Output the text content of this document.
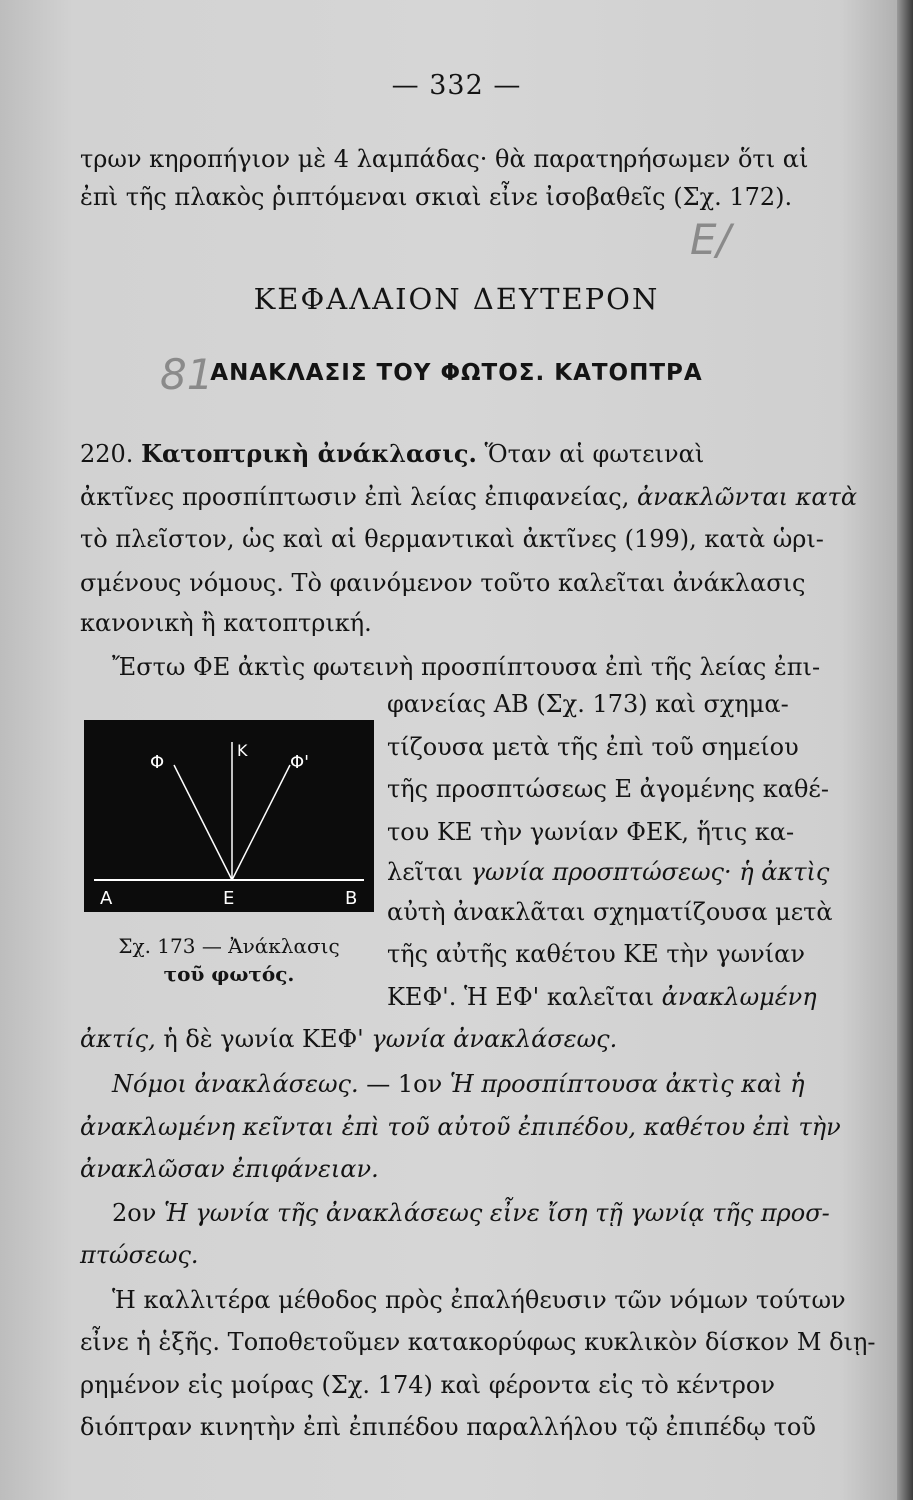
— 332 —
τρων κηροπήγιον μὲ 4 λαμπάδας· θὰ παρατηρήσωμεν ὅτι αἱ
ἐπὶ τῆς πλακὸς ῥιπτόμεναι σκιαὶ εἶνε ἰσοβαθεῖς (Σχ. 172).
Ε/
81
ΚΕΦΑΛΑΙΟΝ ΔΕΥΤΕΡΟΝ
ΑΝΑΚΛΑΣΙΣ ΤΟΥ ΦΩΤΟΣ. ΚΑΤΟΠΤΡΑ
220. Κατοπτρικὴ ἀνάκλασις. Ὅταν αἱ φωτειναὶ
ἀκτῖνες προσπίπτωσιν ἐπὶ λείας ἐπιφανείας, ἀνακλῶνται κατὰ
τὸ πλεῖστον, ὡς καὶ αἱ θερμαντικαὶ ἀκτῖνες (199), κατὰ ὡρι-
σμένους νόμους. Τὸ φαινόμενον τοῦτο καλεῖται ἀνάκλασις
κανονικὴ ἢ κατοπτρική.
Ἔστω ΦΕ ἀκτὶς φωτεινὴ προσπίπτουσα ἐπὶ τῆς λείας ἐπι-
φανείας ΑΒ (Σχ. 173) καὶ σχημα-
τίζουσα μετὰ τῆς ἐπὶ τοῦ σημείου
τῆς προσπτώσεως Ε ἀγομένης καθέ-
του ΚΕ τὴν γωνίαν ΦΕΚ, ἥτις κα-
λεῖται γωνία προσπτώσεως· ἡ ἀκτὶς
αὐτὴ ἀνακλᾶται σχηματίζουσα μετὰ
τῆς αὐτῆς καθέτου ΚΕ τὴν γωνίαν
ΚΕΦ'. Ἡ ΕΦ' καλεῖται ἀνακλωμένη
Φ
Κ
Φ'
Α	Ε	Β
Σχ. 173 — Ἀνάκλασις
τοῦ φωτός.
ἀκτίς, ἡ δὲ γωνία ΚΕΦ' γωνία ἀνακλάσεως.
Νόμοι ἀνακλάσεως. — 1ον Ἡ προσπίπτουσα ἀκτὶς καὶ ἡ
ἀνακλωμένη κεῖνται ἐπὶ τοῦ αὐτοῦ ἐπιπέδου, καθέτου ἐπὶ τὴν
ἀνακλῶσαν ἐπιφάνειαν.
2ον Ἡ γωνία τῆς ἀνακλάσεως εἶνε ἴση τῇ γωνίᾳ τῆς προσ-
πτώσεως.
Ἡ καλλιτέρα μέθοδος πρὸς ἐπαλήθευσιν τῶν νόμων τούτων
εἶνε ἡ ἑξῆς. Τοποθετοῦμεν κατακορύφως κυκλικὸν δίσκον Μ διῃ-
ρημένον εἰς μοίρας (Σχ. 174) καὶ φέροντα εἰς τὸ κέντρον
διόπτραν κινητὴν ἐπὶ ἐπιπέδου παραλλήλου τῷ ἐπιπέδῳ τοῦ
